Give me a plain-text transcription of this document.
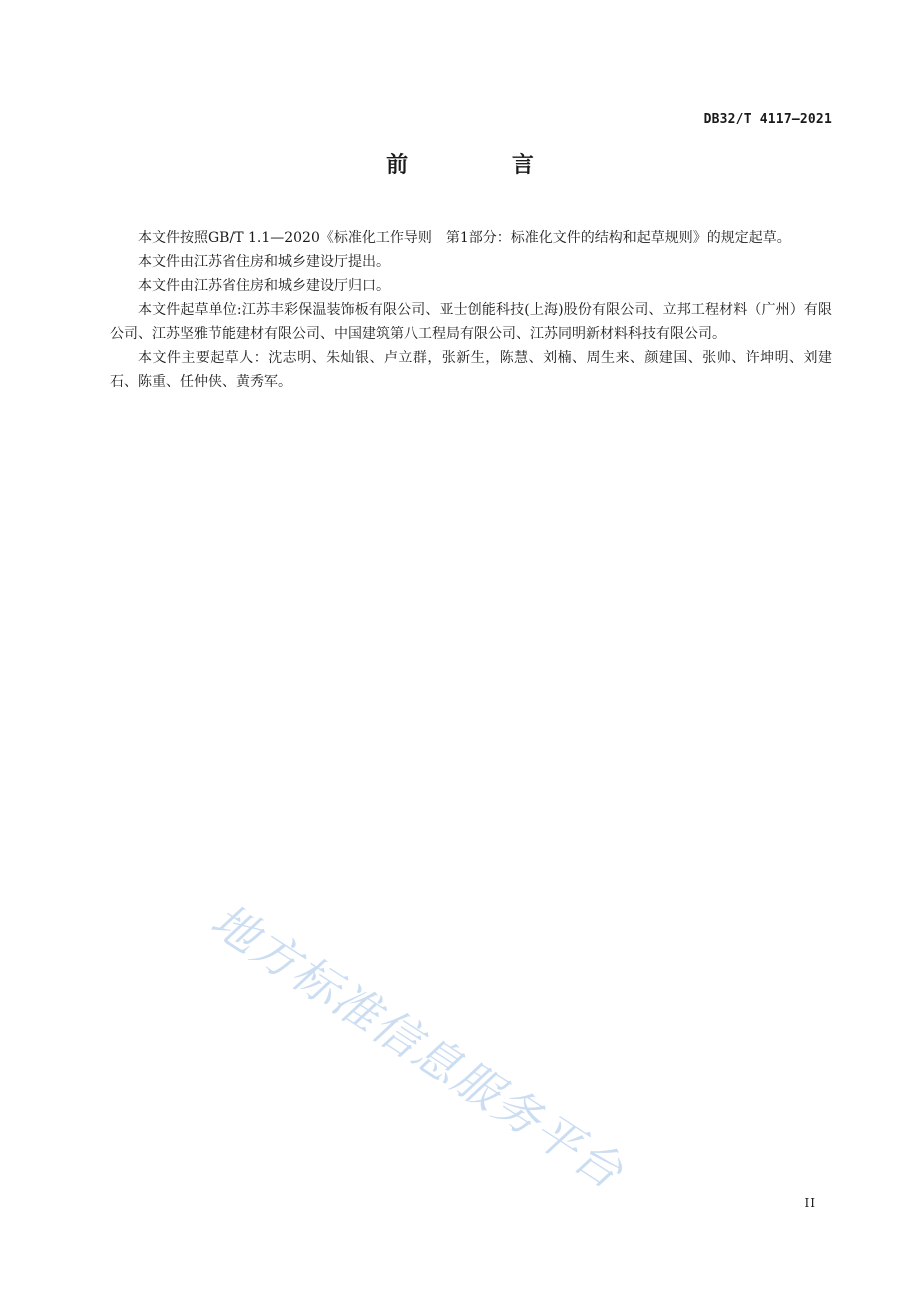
DB32/T 4117—2021
前 言

本文件按照GB/T 1.1—2020《标准化工作导则　第1部分：标准化文件的结构和起草规则》的规定起草。

本文件由江苏省住房和城乡建设厅提出。

本文件由江苏省住房和城乡建设厅归口。

本文件起草单位:江苏丰彩保温装饰板有限公司、亚士创能科技(上海)股份有限公司、立邦工程材料（广州）有限公司、江苏坚雅节能建材有限公司、中国建筑第八工程局有限公司、江苏同明新材料科技有限公司。

本文件主要起草人：沈志明、朱灿银、卢立群，张新生，陈慧、刘楠、周生来、颜建国、张帅、许坤明、刘建石、陈重、任仲侠、黄秀军。

地方标准信息服务平台
II
